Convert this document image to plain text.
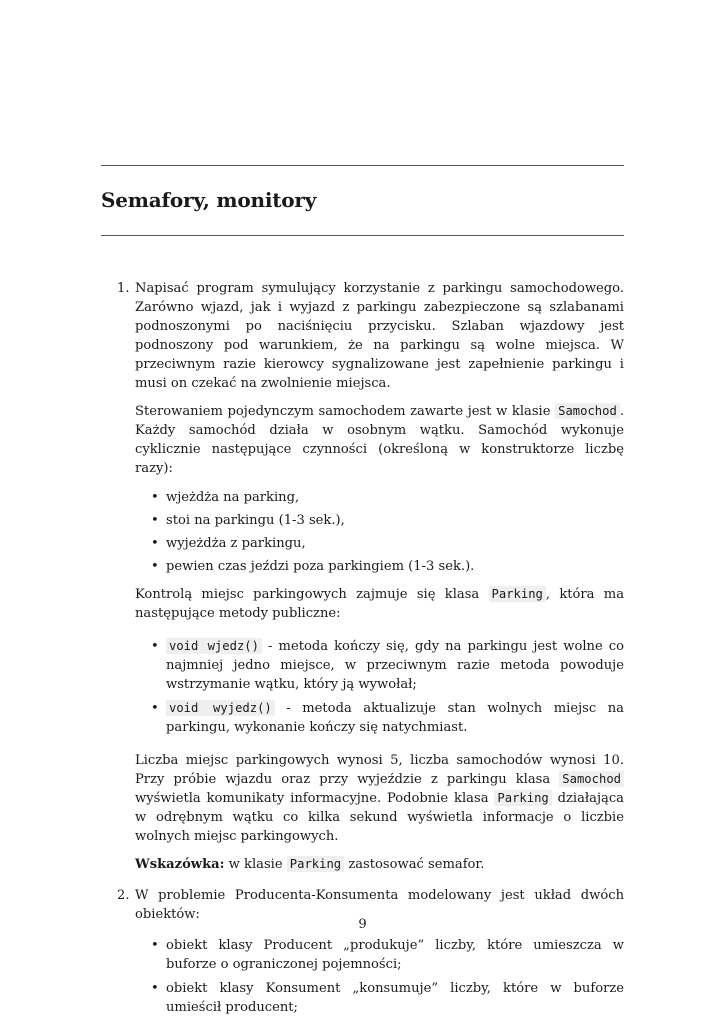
Semafory, monitory
1. Napisać program symulujący korzystanie z parkingu samochodowego. Zarówno wjazd, jak i wyjazd z parkingu zabezpieczone są szlabanami podnoszonymi po naciśnięciu przycisku. Szlaban wjazdowy jest podnoszony pod warunkiem, że na parkingu są wolne miejsca. W przeciwnym razie kierowcy sygnalizowane jest zapełnienie parkingu i musi on czekać na zwolnienie miejsca.

Sterowaniem pojedynczym samochodem zawarte jest w klasie Samochod . Każdy samochód działa w osobnym wątku. Samochód wykonuje cyklicznie następujące czynności (określoną w konstruktorze liczbę razy):

• wjeżdża na parking,
• stoi na parkingu (1-3 sek.),
• wyjeżdża z parkingu,
• pewien czas jeździ poza parkingiem (1-3 sek.).

Kontrolą miejsc parkingowych zajmuje się klasa Parking , która ma następujące metody publiczne:

• void wjedz() - metoda kończy się, gdy na parkingu jest wolne co najmniej jedno miejsce, w przeciwnym razie metoda powoduje wstrzymanie wątku, który ją wywołał;
• void wyjedz() - metoda aktualizuje stan wolnych miejsc na parkingu, wykonanie kończy się natychmiast.

Liczba miejsc parkingowych wynosi 5, liczba samochodów wynosi 10. Przy próbie wjazdu oraz przy wyjeździe z parkingu klasa Samochod wyświetla komunikaty informacyjne. Podobnie klasa Parking działająca w odrębnym wątku co kilka sekund wyświetla informacje o liczbie wolnych miejsc parkingowych.

Wskazówka: w klasie Parking zastosować semafor.

2. W problemie Producenta-Konsumenta modelowany jest układ dwóch obiektów:

• obiekt klasy Producent „produkuje” liczby, które umieszcza w buforze o ograniczonej pojemności;
• obiekt klasy Konsument „konsumuje” liczby, które w buforze umieścił producent;
9
